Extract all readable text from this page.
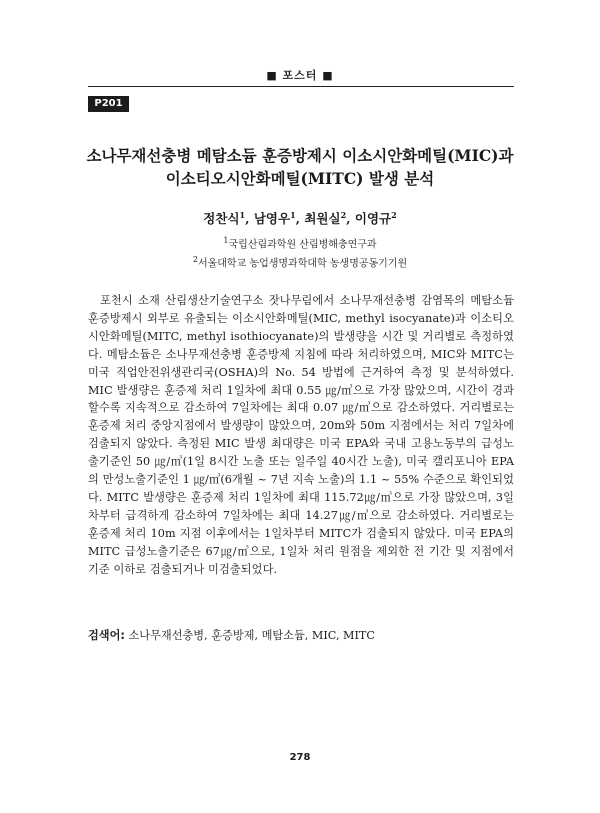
■ 포스터 ■
P201
소나무재선충병 메탐소듐 훈증방제시 이소시안화메틸(MIC)과
이소티오시안화메틸(MITC) 발생 분석
정찬식$^1$, 남영우$^1$, 최원실$^2$, 이영규$^2$
$^1$국립산림과학원 산림병해충연구과
$^2$서울대학교 농업생명과학대학 농생명공동기기원

포천시 소재 산림생산기술연구소 잣나무림에서 소나무재선충병 감염목의 메탐소듐 훈증방제시 외부로 유출되는 이소시안화메틸(MIC, methyl isocyanate)과 이소티오시안화메틸(MITC, methyl isothiocyanate)의 발생량을 시간 및 거리별로 측정하였다. 메탐소듐은 소나무재선충병 훈증방제 지침에 따라 처리하였으며, MIC와 MITC는 미국 직업안전위생관리국(OSHA)의 No. 54 방법에 근거하여 측정 및 분석하였다. MIC 발생량은 훈증제 처리 1일차에 최대 0.55 ㎍/㎥으로 가장 많았으며, 시간이 경과할수록 지속적으로 감소하여 7일차에는 최대 0.07 ㎍/㎥으로 감소하였다. 거리별로는 훈증제 처리 중앙지점에서 발생량이 많았으며, 20m와 50m 지점에서는 처리 7일차에 검출되지 않았다. 측정된 MIC 발생 최대량은 미국 EPA와 국내 고용노동부의 급성노출기준인 50 ㎍/㎥(1일 8시간 노출 또는 일주일 40시간 노출), 미국 캘리포니아 EPA의 만성노출기준인 1 ㎍/㎥(6개월 ~ 7년 지속 노출)의 1.1 ~ 55% 수준으로 확인되었다. MITC 발생량은 훈증제 처리 1일차에 최대 115.72㎍/㎥으로 가장 많았으며, 3일차부터 급격하게 감소하여 7일차에는 최대 14.27㎍/㎥으로 감소하였다. 거리별로는 훈증제 처리 10m 지점 이후에서는 1일차부터 MITC가 검출되지 않았다. 미국 EPA의 MITC 급성노출기준은 67㎍/㎥으로, 1일차 처리 원점을 제외한 전 기간 및 지점에서 기준 이하로 검출되거나 미검출되었다.

검색어: 소나무재선충병, 훈증방제, 메탐소듐, MIC, MITC
278
